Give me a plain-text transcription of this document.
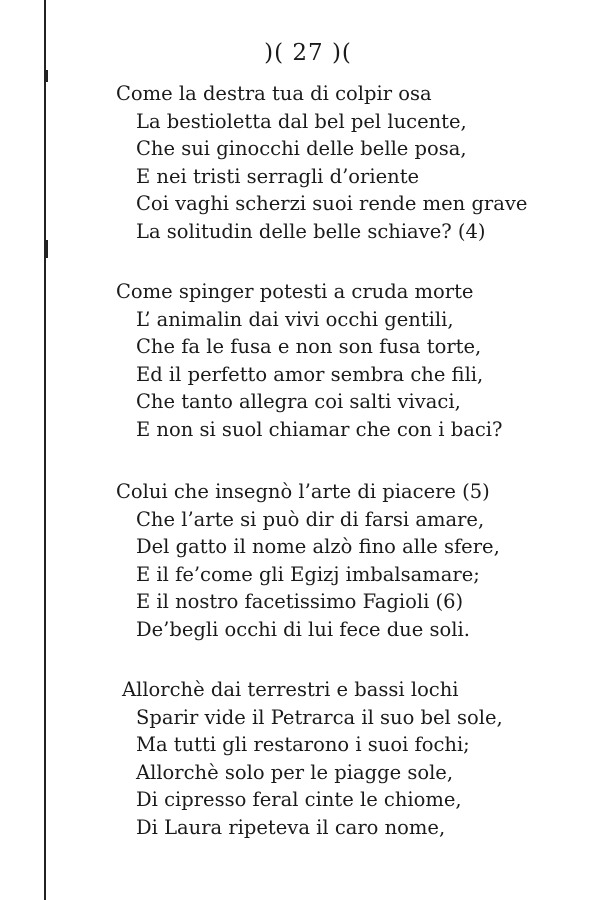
)( 27 )(
Come la destra tua di colpir osa
La bestioletta dal bel pel lucente,
Che sui ginocchi delle belle posa,
E nei tristi serragli d’oriente
Coi vaghi scherzi suoi rende men grave
La solitudin delle belle schiave? (4)
Come spinger potesti a cruda morte
L’ animalin dai vivi occhi gentili,
Che fa le fusa e non son fusa torte,
Ed il perfetto amor sembra che fili,
Che tanto allegra coi salti vivaci,
E non si suol chiamar che con i baci?
Colui che insegnò l’arte di piacere (5)
Che l’arte si può dir di farsi amare,
Del gatto il nome alzò fino alle sfere,
E il fe’come gli Egizj imbalsamare;
E il nostro facetissimo Fagioli (6)
De’begli occhi di lui fece due soli.
Allorchè dai terrestri e bassi lochi
Sparir vide il Petrarca il suo bel sole,
Ma tutti gli restarono i suoi fochi;
Allorchè solo per le piagge sole,
Di cipresso feral cinte le chiome,
Di Laura ripeteva il caro nome,
